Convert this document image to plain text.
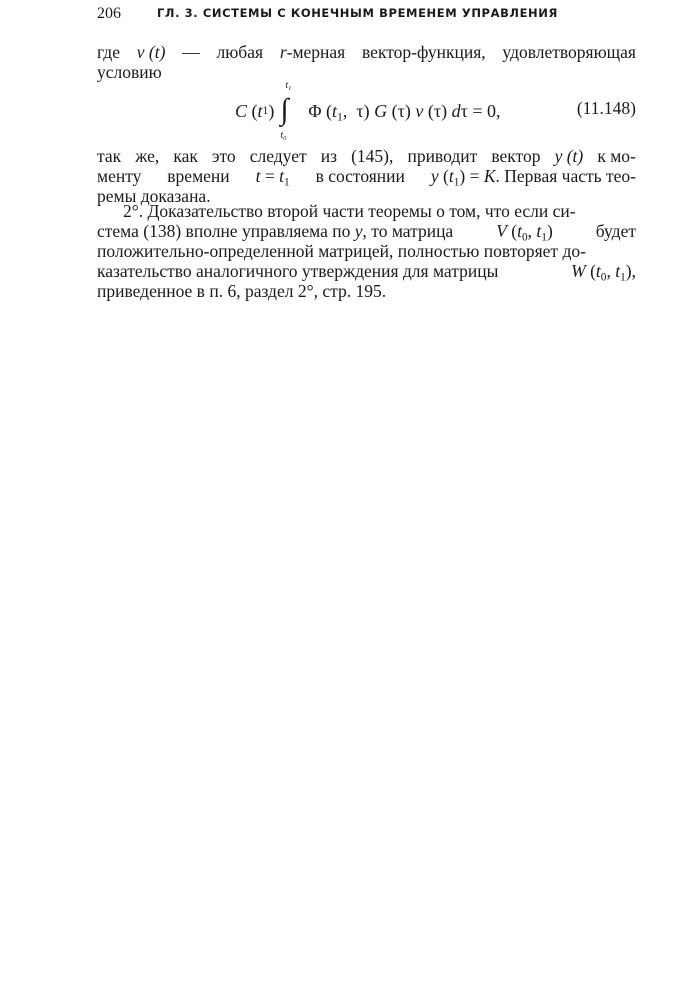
206	ГЛ. 3. СИСТЕМЫ С КОНЕЧНЫМ ВРЕМЕНЕМ УПРАВЛЕНИЯ
где v (t) — любая r-мерная вектор-функция, удовлетворяющая
условию
C ( t 1 )
$t_1$
∫
$t_0$
Φ ($t_1$,  τ) G (τ) v (τ) dτ = 0,	(11.148)
так же, как это следует из (145), приводит вектор y (t) к мо-
менту времени $t = t_1$ в состоянии y $(t_1) = K$. Первая часть тео-
ремы доказана.
2°. Доказательство второй части теоремы о том, что если си-
стема (138) вполне управляема по y, то матрица V ($t_0$, $t_1$) будет
положительно-определенной матрицей, полностью повторяет до-
казательство аналогичного утверждения для матрицы	W ($t_0$, $t_1$),
приведенное в п. 6, раздел 2°, стр. 195.
